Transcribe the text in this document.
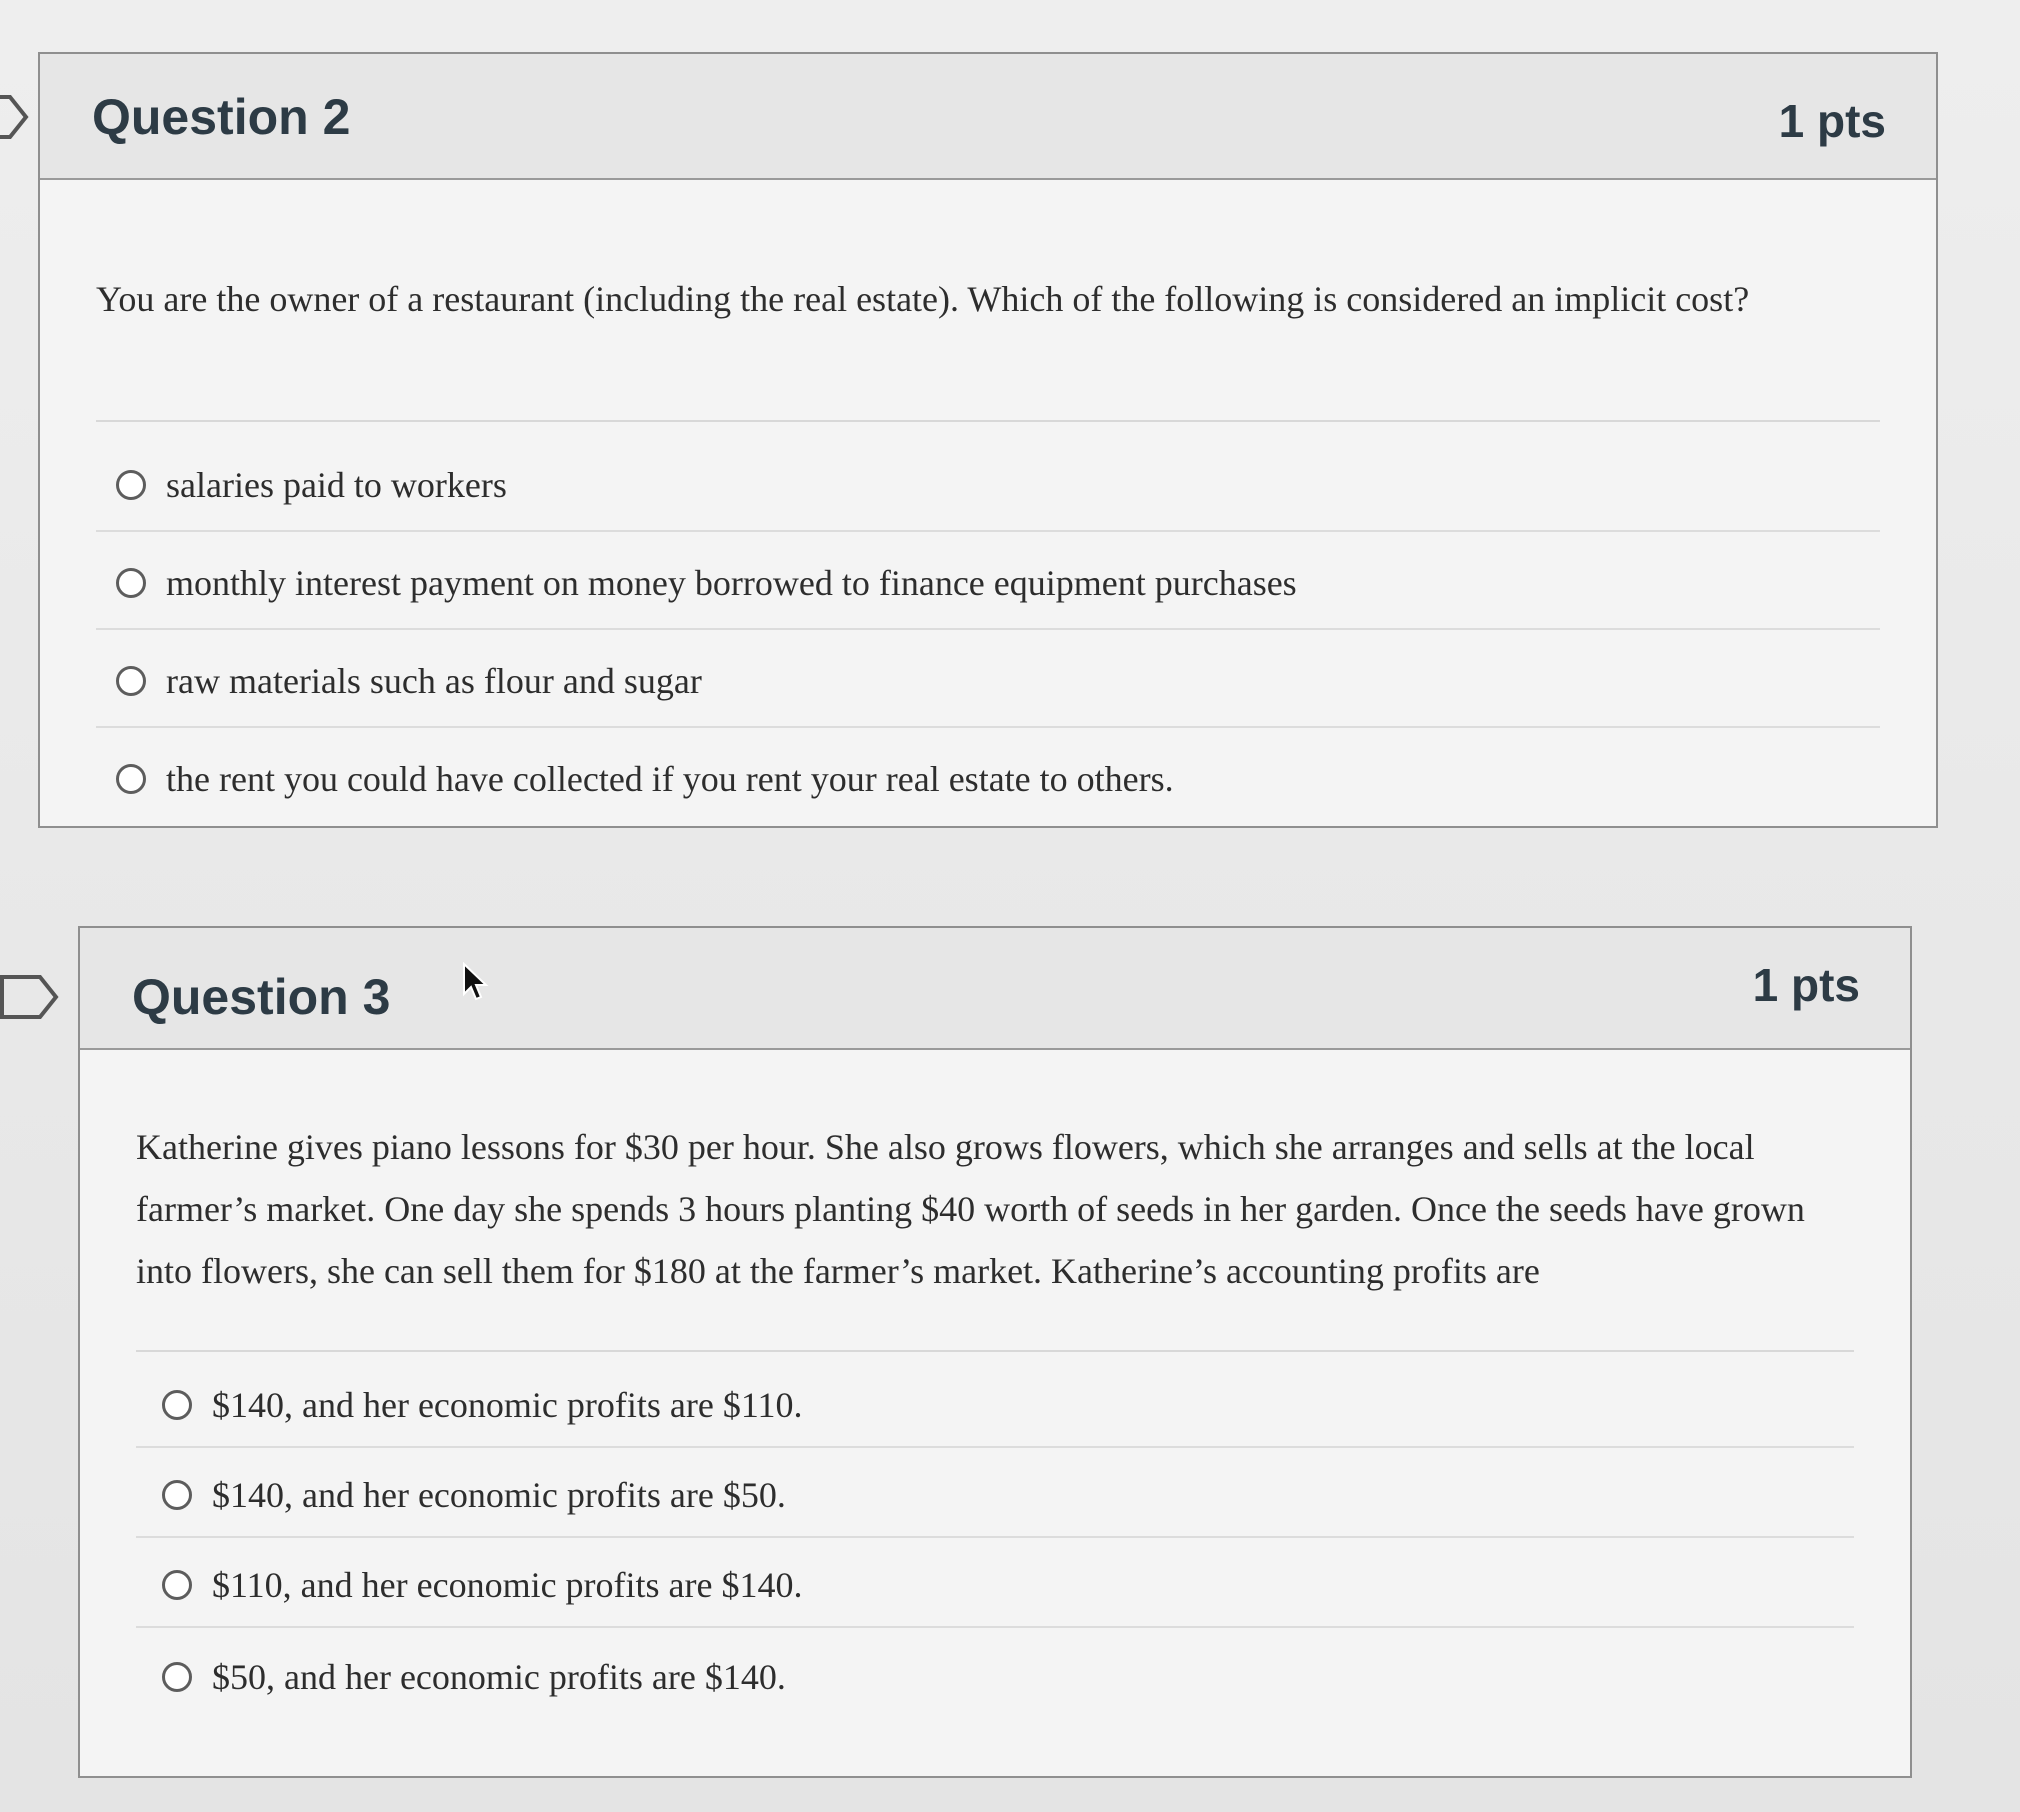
Question 2	1 pts
You are the owner of a restaurant (including the real estate). Which of the following is considered an implicit cost?
salaries paid to workers
monthly interest payment on money borrowed to finance equipment purchases
raw materials such as flour and sugar
the rent you could have collected if you rent your real estate to others.
Question 3	1 pts
Katherine gives piano lessons for $30 per hour. She also grows flowers, which she arranges and sells at the local farmer’s market. One day she spends 3 hours planting $40 worth of seeds in her garden. Once the seeds have grown into flowers, she can sell them for $180 at the farmer’s market. Katherine’s accounting profits are
$140, and her economic profits are $110.
$140, and her economic profits are $50.
$110, and her economic profits are $140.
$50, and her economic profits are $140.
